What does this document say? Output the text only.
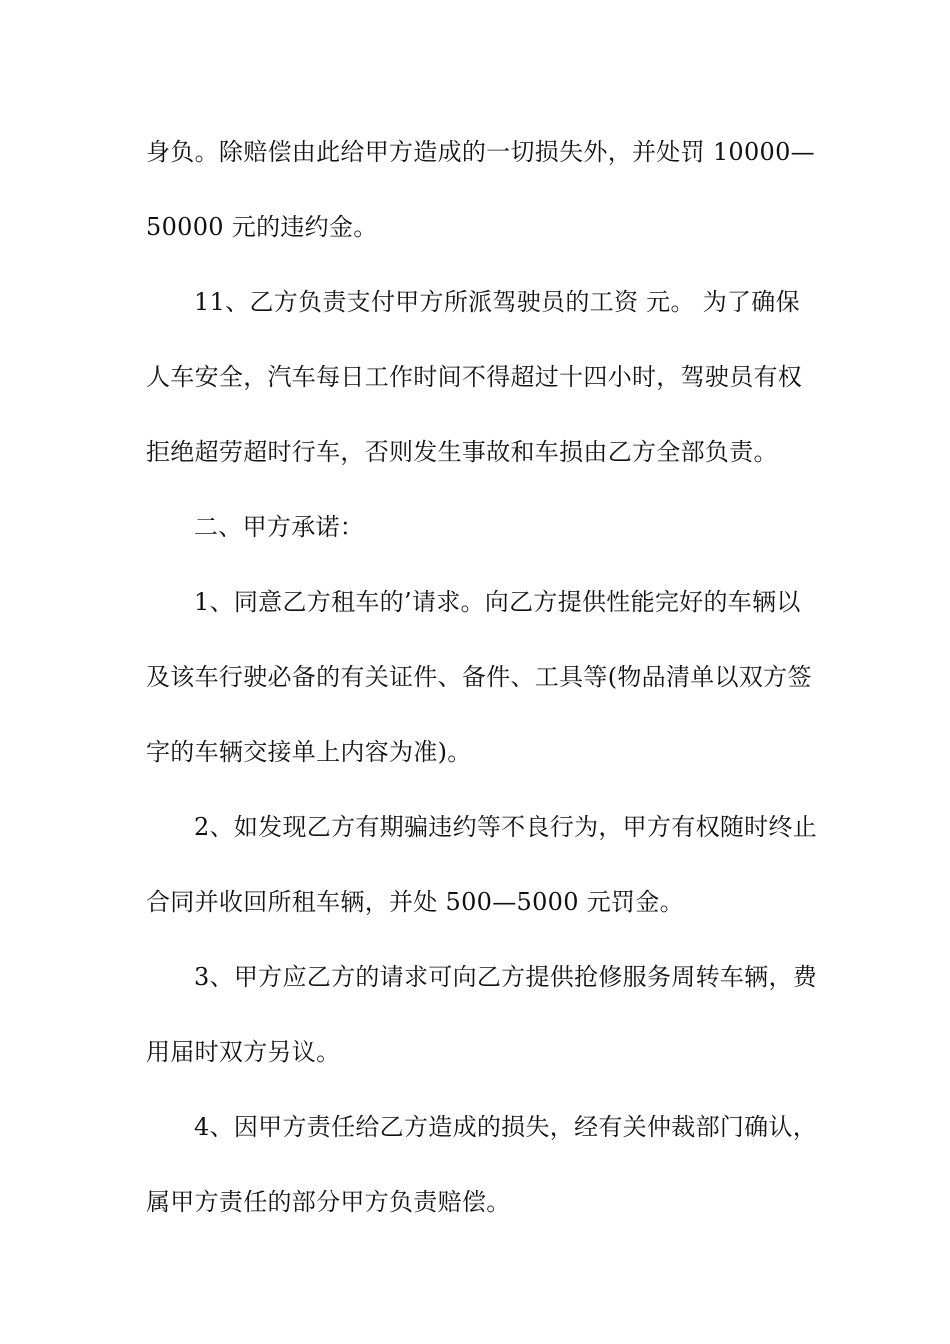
身负。除赔偿由此给甲方造成的一切损失外，并处罚 10000—
50000 元的违约金。
11、乙方负责支付甲方所派驾驶员的工资 元。 为了确保
人车安全，汽车每日工作时间不得超过十四小时，驾驶员有权
拒绝超劳超时行车，否则发生事故和车损由乙方全部负责。
二、甲方承诺：
1、同意乙方租车的’请求。向乙方提供性能完好的车辆以
及该车行驶必备的有关证件、备件、工具等(物品清单以双方签
字的车辆交接单上内容为准)。
2、如发现乙方有期骗违约等不良行为，甲方有权随时终止
合同并收回所租车辆，并处 500—5000 元罚金。
3、甲方应乙方的请求可向乙方提供抢修服务周转车辆，费
用届时双方另议。
4、因甲方责任给乙方造成的损失，经有关仲裁部门确认，
属甲方责任的部分甲方负责赔偿。
